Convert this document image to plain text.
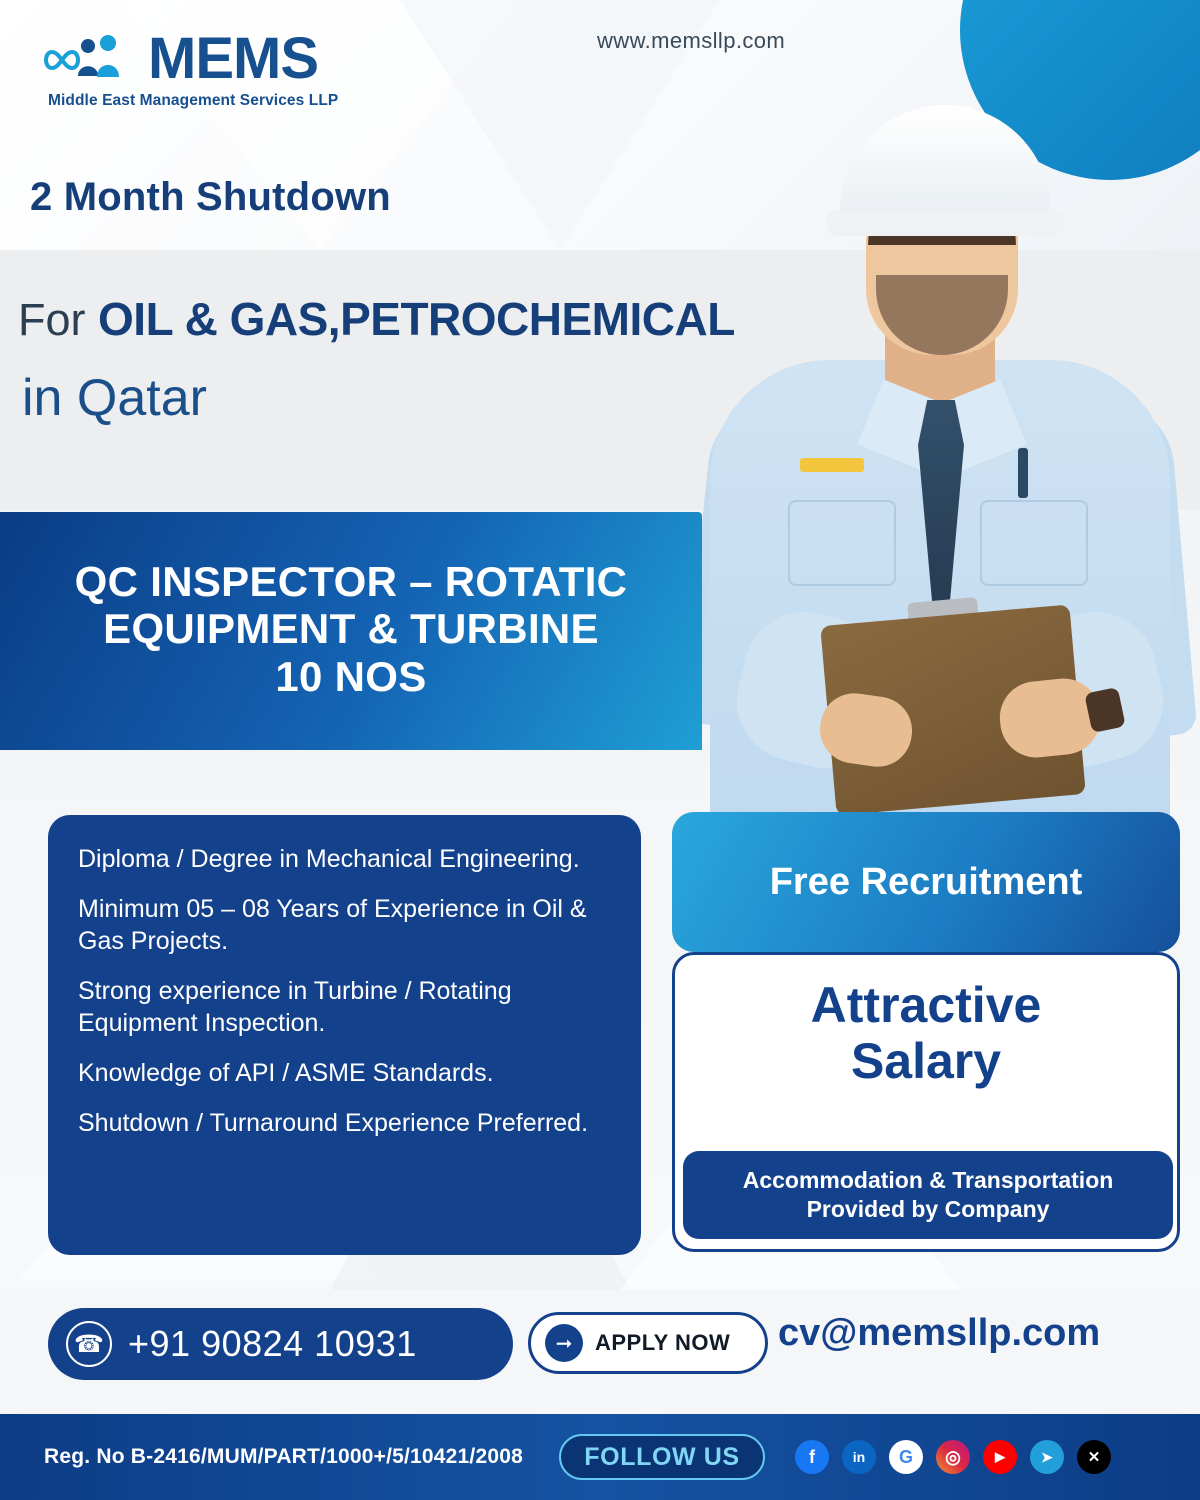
MEMS
Middle East Management Services LLP
www.memsllp.com
2 Month Shutdown
For OIL & GAS,PETROCHEMICAL
in Qatar
QC INSPECTOR – ROTATIC
EQUIPMENT & TURBINE
10 NOS
Diploma / Degree in Mechanical Engineering.
Minimum 05 – 08 Years of Experience in Oil & Gas Projects.
Strong experience in Turbine / Rotating Equipment Inspection.
Knowledge of API / ASME Standards.
Shutdown / Turnaround Experience Preferred.
Free Recruitment
Attractive
Salary
Accommodation & Transportation
Provided by Company
☎ +91 90824 10931	➞	APPLY NOW cv@memsllp.com
Reg. No B-2416/MUM/PART/1000+/5/10421/2008 FOLLOW US	f	in G ◎	▶	➤ ✕
